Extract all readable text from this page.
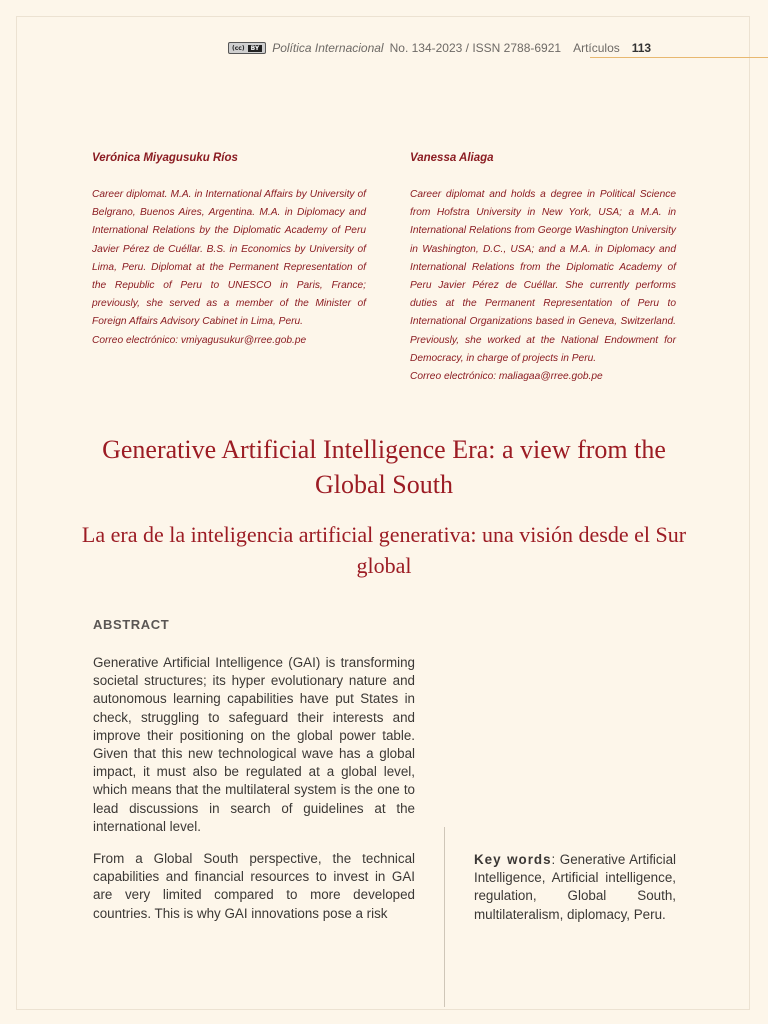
(cc)	BY Política Internacional No. 134-2023 / ISSN 2788-6921 Artículos 113

Verónica Miyagusuku Ríos

Career diplomat. M.A. in International Affairs by University of Belgrano, Buenos Aires, Argentina. M.A. in Diplomacy and International Relations by the Diplomatic Academy of Peru Javier Pérez de Cuéllar. B.S. in Economics by University of Lima, Peru. Diplomat at the Permanent Representation of the Republic of Peru to UNESCO in Paris, France; previously, she served as a member of the Minister of Foreign Affairs Advisory Cabinet in Lima, Peru.

Correo electrónico: vmiyagusukur@rree.gob.pe

Vanessa Aliaga

Career diplomat and holds a degree in Political Science from Hofstra University in New York, USA; a M.A. in International Relations from George Washington University in Washington, D.C., USA; and a M.A. in Diplomacy and International Relations from the Diplomatic Academy of Peru Javier Pérez de Cuéllar. She currently performs duties at the Permanent Representation of Peru to International Organizations based in Geneva, Switzerland. Previously, she worked at the National Endowment for Democracy, in charge of projects in Peru.

Correo electrónico: maliagaa@rree.gob.pe

Generative Artificial Intelligence Era: a view from the Global South
La era de la inteligencia artificial generativa: una visión desde el Sur global
ABSTRACT

Generative Artificial Intelligence (GAI) is transforming societal structures; its hyper evolutionary nature and autonomous learning capabilities have put States in check, struggling to safeguard their interests and improve their positioning on the global power table. Given that this new technological wave has a global impact, it must also be regulated at a global level, which means that the multilateral system is the one to lead discussions in search of guidelines at the international level.

From a Global South perspective, the technical capabilities and financial resources to invest in GAI are very limited compared to more developed countries. This is why GAI innovations pose a risk

Key words: Generative Artificial Intelligence, Artificial intelligence, regulation, Global South, multilateralism, diplomacy, Peru.
